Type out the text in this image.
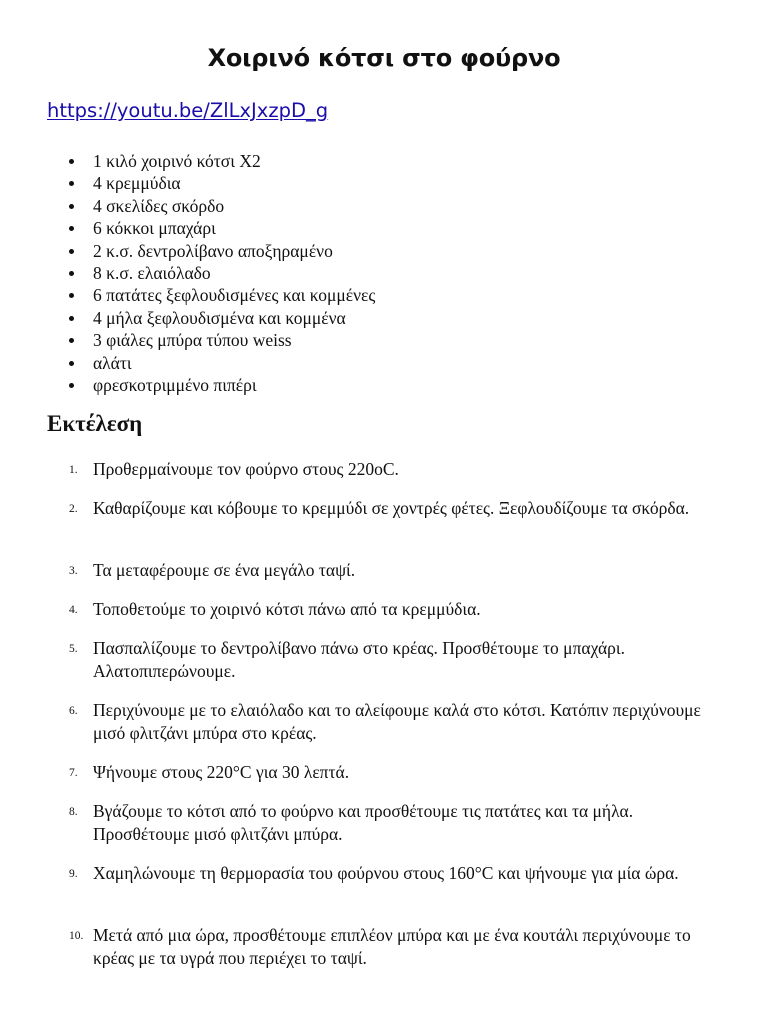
Χοιρινό κότσι στο φούρνο
https://youtu.be/ZlLxJxzpD_g
1 κιλό χοιρινό κότσι Χ2
4 κρεμμύδια
4 σκελίδες σκόρδο
6 κόκκοι μπαχάρι
2 κ.σ. δεντρολίβανο αποξηραμένο
8 κ.σ. ελαιόλαδο
6 πατάτες ξεφλουδισμένες και κομμένες
4 μήλα ξεφλουδισμένα και κομμένα
3 φιάλες μπύρα τύπου weiss
αλάτι
φρεσκοτριμμένο πιπέρι
Εκτέλεση
1. Προθερμαίνουμε τον φούρνο στους 220oC.
2. Καθαρίζουμε και κόβουμε το κρεμμύδι σε χοντρές φέτες. Ξεφλουδίζουμε τα σκόρδα.
3. Τα μεταφέρουμε σε ένα μεγάλο ταψί.
4. Τοποθετούμε το χοιρινό κότσι πάνω από τα κρεμμύδια.
5. Πασπαλίζουμε το δεντρολίβανο πάνω στο κρέας. Προσθέτουμε το μπαχάρι. Αλατοπιπερώνουμε.
6. Περιχύνουμε με το ελαιόλαδο και το αλείφουμε καλά στο κότσι. Κατόπιν περιχύνουμε μισό φλιτζάνι μπύρα στο κρέας.
7. Ψήνουμε στους 220°C για 30 λεπτά.
8. Βγάζουμε το κότσι από το φούρνο και προσθέτουμε τις πατάτες και τα μήλα. Προσθέτουμε μισό φλιτζάνι μπύρα.
9. Χαμηλώνουμε τη θερμορασία του φούρνου στους 160°C και ψήνουμε για μία ώρα.
10. Μετά από μια ώρα, προσθέτουμε επιπλέον μπύρα και με ένα κουτάλι περιχύνουμε το κρέας με τα υγρά που περιέχει το ταψί.
